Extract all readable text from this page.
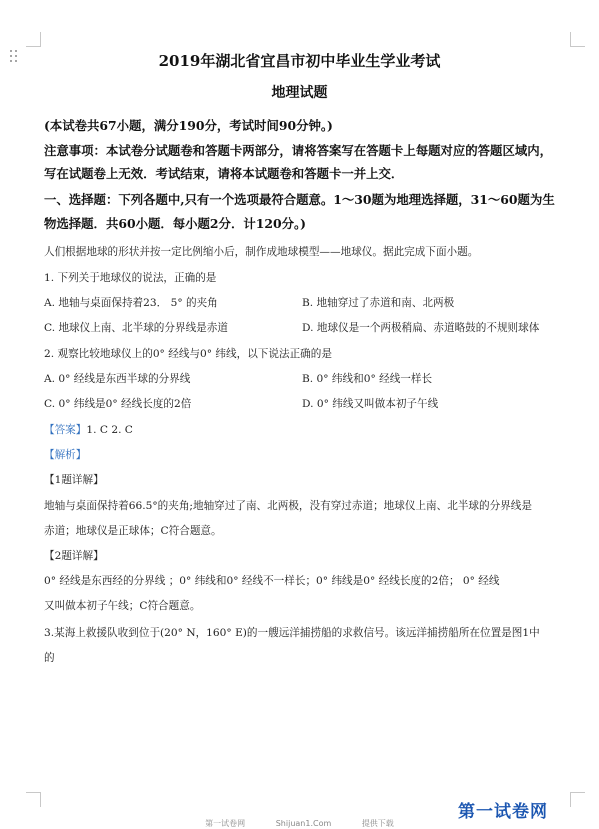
2019年湖北省宜昌市初中毕业生学业考试
地理试题
(本试卷共67小题，满分190分，考试时间90分钟。)
注意事项：本试卷分试题卷和答题卡两部分，请将答案写在答题卡上每题对应的答题区域内，
写在试题卷上无效．考试结束，请将本试题卷和答题卡一并上交．
一、选择题：下列各题中,只有一个选项最符合题意。1～30题为地理选择题，31～60题为生
物选择题．共60小题．每小题2分．计120分。)
人们根据地球的形状并按一定比例缩小后，制作成地球模型——地球仪。据此完成下面小题。
1. 下列关于地球仪的说法，正确的是
A. 地轴与桌面保持着23． 5° 的夹角	B. 地轴穿过了赤道和南、北两极
C. 地球仪上南、北半球的分界线是赤道	D. 地球仪是一个两极稍扁、赤道略鼓的不规则球体
2. 观察比较地球仪上的0° 经线与0° 纬线，以下说法正确的是
A. 0° 经线是东西半球的分界线	B. 0° 纬线和0° 经线一样长
C. 0° 纬线是0° 经线长度的2倍	D. 0° 纬线又叫做本初子午线
【答案】1. C 2. C
【解析】
【1题详解】
地轴与桌面保持着66.5°的夹角;地轴穿过了南、北两极，没有穿过赤道；地球仪上南、北半球的分界线是
赤道；地球仪是正球体；C符合题意。
【2题详解】
0° 经线是东西经的分界线 ；0° 纬线和0° 经线不一样长；0° 纬线是0° 经线长度的2倍； 0° 经线
又叫做本初子午线；C符合题意。
3.某海上救援队收到位于(20° N，160° E)的一艘远洋捕捞船的求救信号。该远洋捕捞船所在位置是图1中
的
第一试卷网
第一试卷网	Shijuan1.Com	提供下载
